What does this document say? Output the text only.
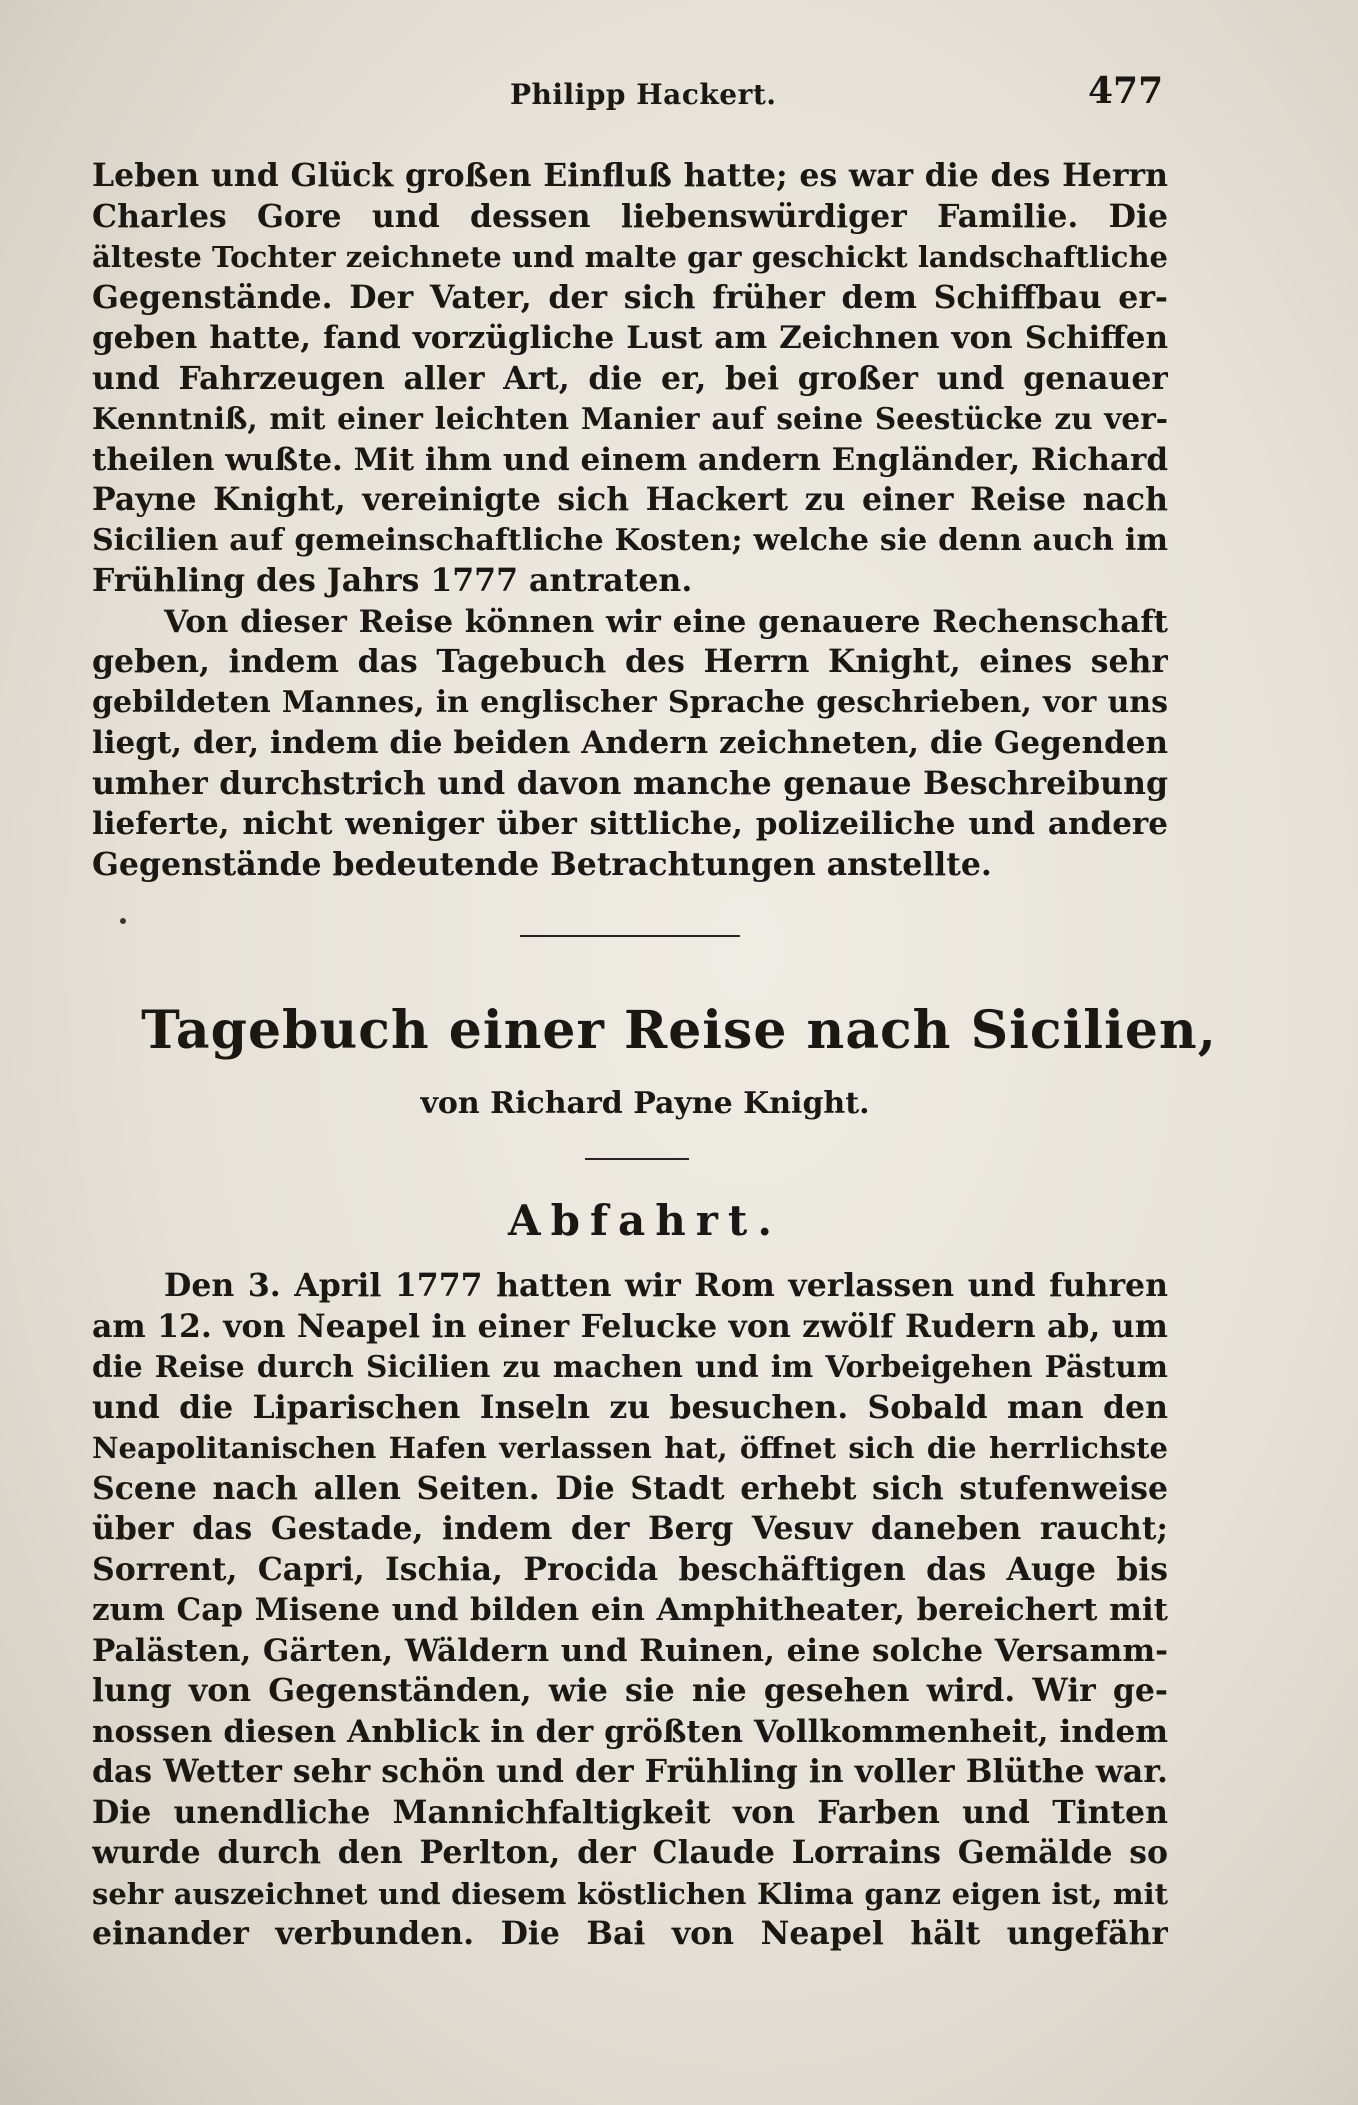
Philipp Hackert.	477
Leben und Glück großen Einfluß hatte; es war die des Herrn
Charles Gore und dessen liebenswürdiger Familie. Die
älteste Tochter zeichnete und malte gar geschickt landschaftliche
Gegenstände. Der Vater, der sich früher dem Schiffbau er-
geben hatte, fand vorzügliche Lust am Zeichnen von Schiffen
und Fahrzeugen aller Art, die er, bei großer und genauer
Kenntniß, mit einer leichten Manier auf seine Seestücke zu ver-
theilen wußte. Mit ihm und einem andern Engländer, Richard
Payne Knight, vereinigte sich Hackert zu einer Reise nach
Sicilien auf gemeinschaftliche Kosten; welche sie denn auch im
Frühling des Jahrs 1777 antraten.
Von dieser Reise können wir eine genauere Rechenschaft
geben, indem das Tagebuch des Herrn Knight, eines sehr
gebildeten Mannes, in englischer Sprache geschrieben, vor uns
liegt, der, indem die beiden Andern zeichneten, die Gegenden
umher durchstrich und davon manche genaue Beschreibung
lieferte, nicht weniger über sittliche, polizeiliche und andere
Gegenstände bedeutende Betrachtungen anstellte.
Tagebuch einer Reise nach Sicilien,
von Richard Payne Knight.
Abfahrt.
Den 3. April 1777 hatten wir Rom verlassen und fuhren
am 12. von Neapel in einer Felucke von zwölf Rudern ab, um
die Reise durch Sicilien zu machen und im Vorbeigehen Pästum
und die Liparischen Inseln zu besuchen. Sobald man den
Neapolitanischen Hafen verlassen hat, öffnet sich die herrlichste
Scene nach allen Seiten. Die Stadt erhebt sich stufenweise
über das Gestade, indem der Berg Vesuv daneben raucht;
Sorrent, Capri, Ischia, Procida beschäftigen das Auge bis
zum Cap Misene und bilden ein Amphitheater, bereichert mit
Palästen, Gärten, Wäldern und Ruinen, eine solche Versamm-
lung von Gegenständen, wie sie nie gesehen wird. Wir ge-
nossen diesen Anblick in der größten Vollkommenheit, indem
das Wetter sehr schön und der Frühling in voller Blüthe war.
Die unendliche Mannichfaltigkeit von Farben und Tinten
wurde durch den Perlton, der Claude Lorrains Gemälde so
sehr auszeichnet und diesem köstlichen Klima ganz eigen ist, mit
einander verbunden. Die Bai von Neapel hält ungefähr
